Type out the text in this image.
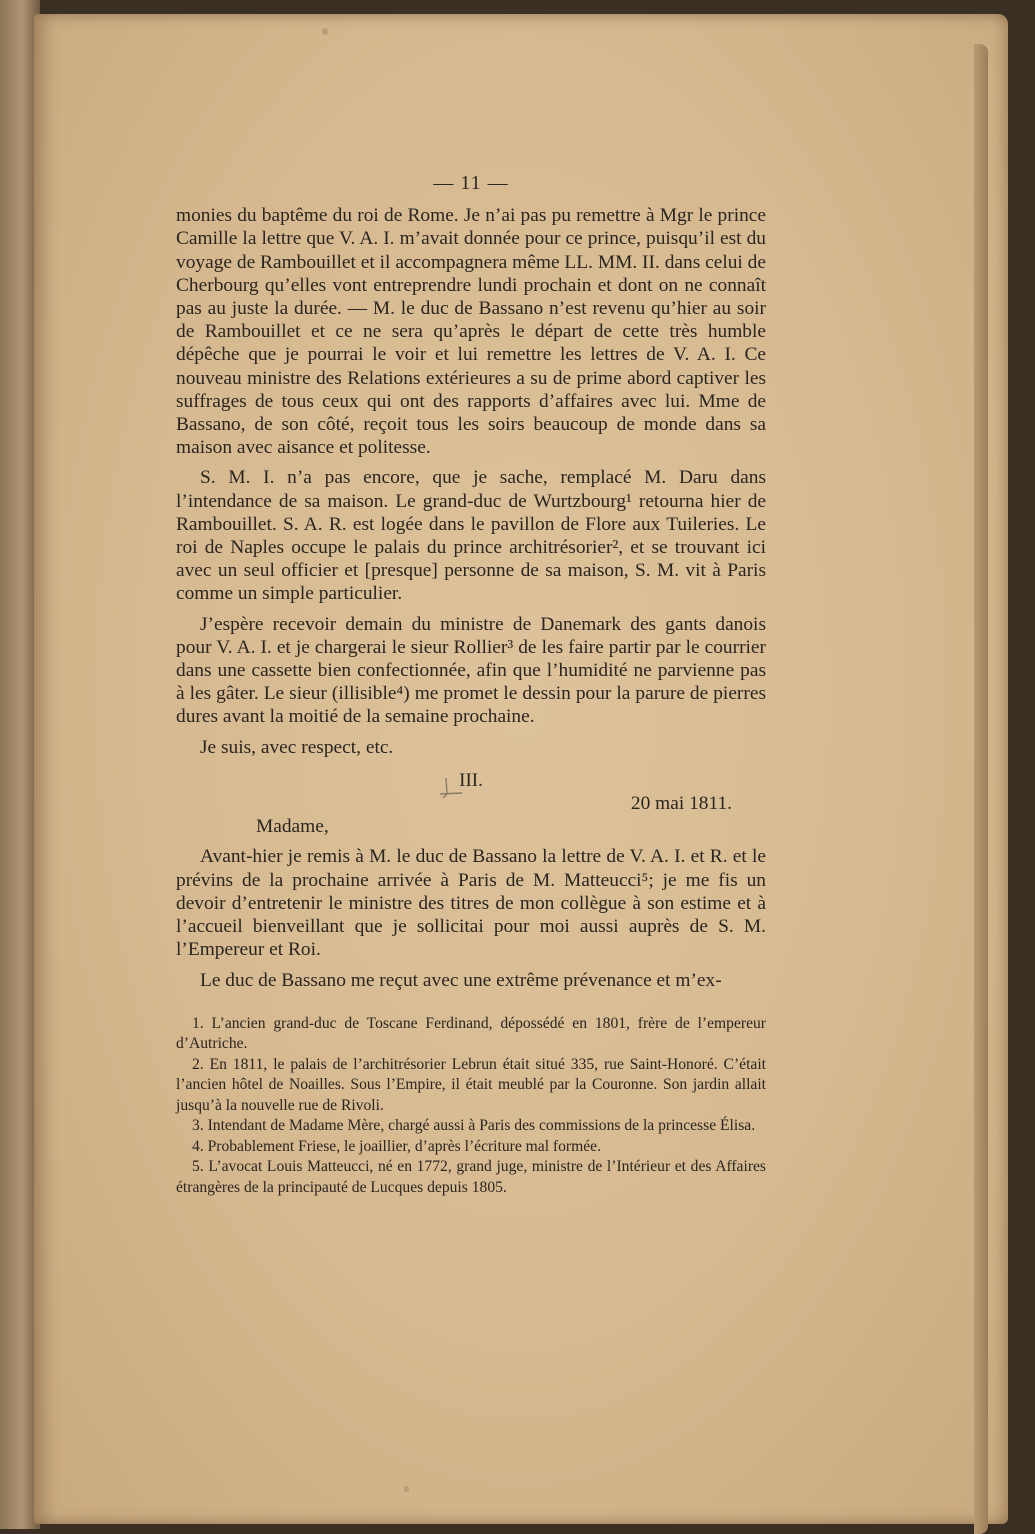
— 11 —

monies du baptême du roi de Rome. Je n’ai pas pu remettre à Mgr le prince Camille la lettre que V. A. I. m’avait donnée pour ce prince, puisqu’il est du voyage de Rambouillet et il accompagnera même LL. MM. II. dans celui de Cherbourg qu’elles vont entreprendre lundi prochain et dont on ne connaît pas au juste la durée. — M. le duc de Bassano n’est revenu qu’hier au soir de Rambouillet et ce ne sera qu’après le départ de cette très humble dépêche que je pourrai le voir et lui remettre les lettres de V. A. I. Ce nouveau ministre des Relations extérieures a su de prime abord captiver les suffrages de tous ceux qui ont des rapports d’affaires avec lui. Mme de Bassano, de son côté, reçoit tous les soirs beaucoup de monde dans sa maison avec aisance et politesse.

S. M. I. n’a pas encore, que je sache, remplacé M. Daru dans l’intendance de sa maison. Le grand-duc de Wurtzbourg¹ retourna hier de Rambouillet. S. A. R. est logée dans le pavillon de Flore aux Tuileries. Le roi de Naples occupe le palais du prince architrésorier², et se trouvant ici avec un seul officier et [presque] personne de sa maison, S. M. vit à Paris comme un simple particulier.

J’espère recevoir demain du ministre de Danemark des gants danois pour V. A. I. et je chargerai le sieur Rollier³ de les faire partir par le courrier dans une cassette bien confectionnée, afin que l’humidité ne parvienne pas à les gâter. Le sieur (illisible⁴) me promet le dessin pour la parure de pierres dures avant la moitié de la semaine prochaine.

Je suis, avec respect, etc.

III.

20 mai 1811.

Madame,

Avant-hier je remis à M. le duc de Bassano la lettre de V. A. I. et R. et le prévins de la prochaine arrivée à Paris de M. Matteucci⁵; je me fis un devoir d’entretenir le ministre des titres de mon collègue à son estime et à l’accueil bienveillant que je sollicitai pour moi aussi auprès de S. M. l’Empereur et Roi.

Le duc de Bassano me reçut avec une extrême prévenance et m’ex-

1. L’ancien grand-duc de Toscane Ferdinand, dépossédé en 1801, frère de l’empereur d’Autriche.

2. En 1811, le palais de l’architrésorier Lebrun était situé 335, rue Saint-Honoré. C’était l’ancien hôtel de Noailles. Sous l’Empire, il était meublé par la Couronne. Son jardin allait jusqu’à la nouvelle rue de Rivoli.

3. Intendant de Madame Mère, chargé aussi à Paris des commissions de la princesse Élisa.

4. Probablement Friese, le joaillier, d’après l’écriture mal formée.

5. L’avocat Louis Matteucci, né en 1772, grand juge, ministre de l’Intérieur et des Affaires étrangères de la principauté de Lucques depuis 1805.
